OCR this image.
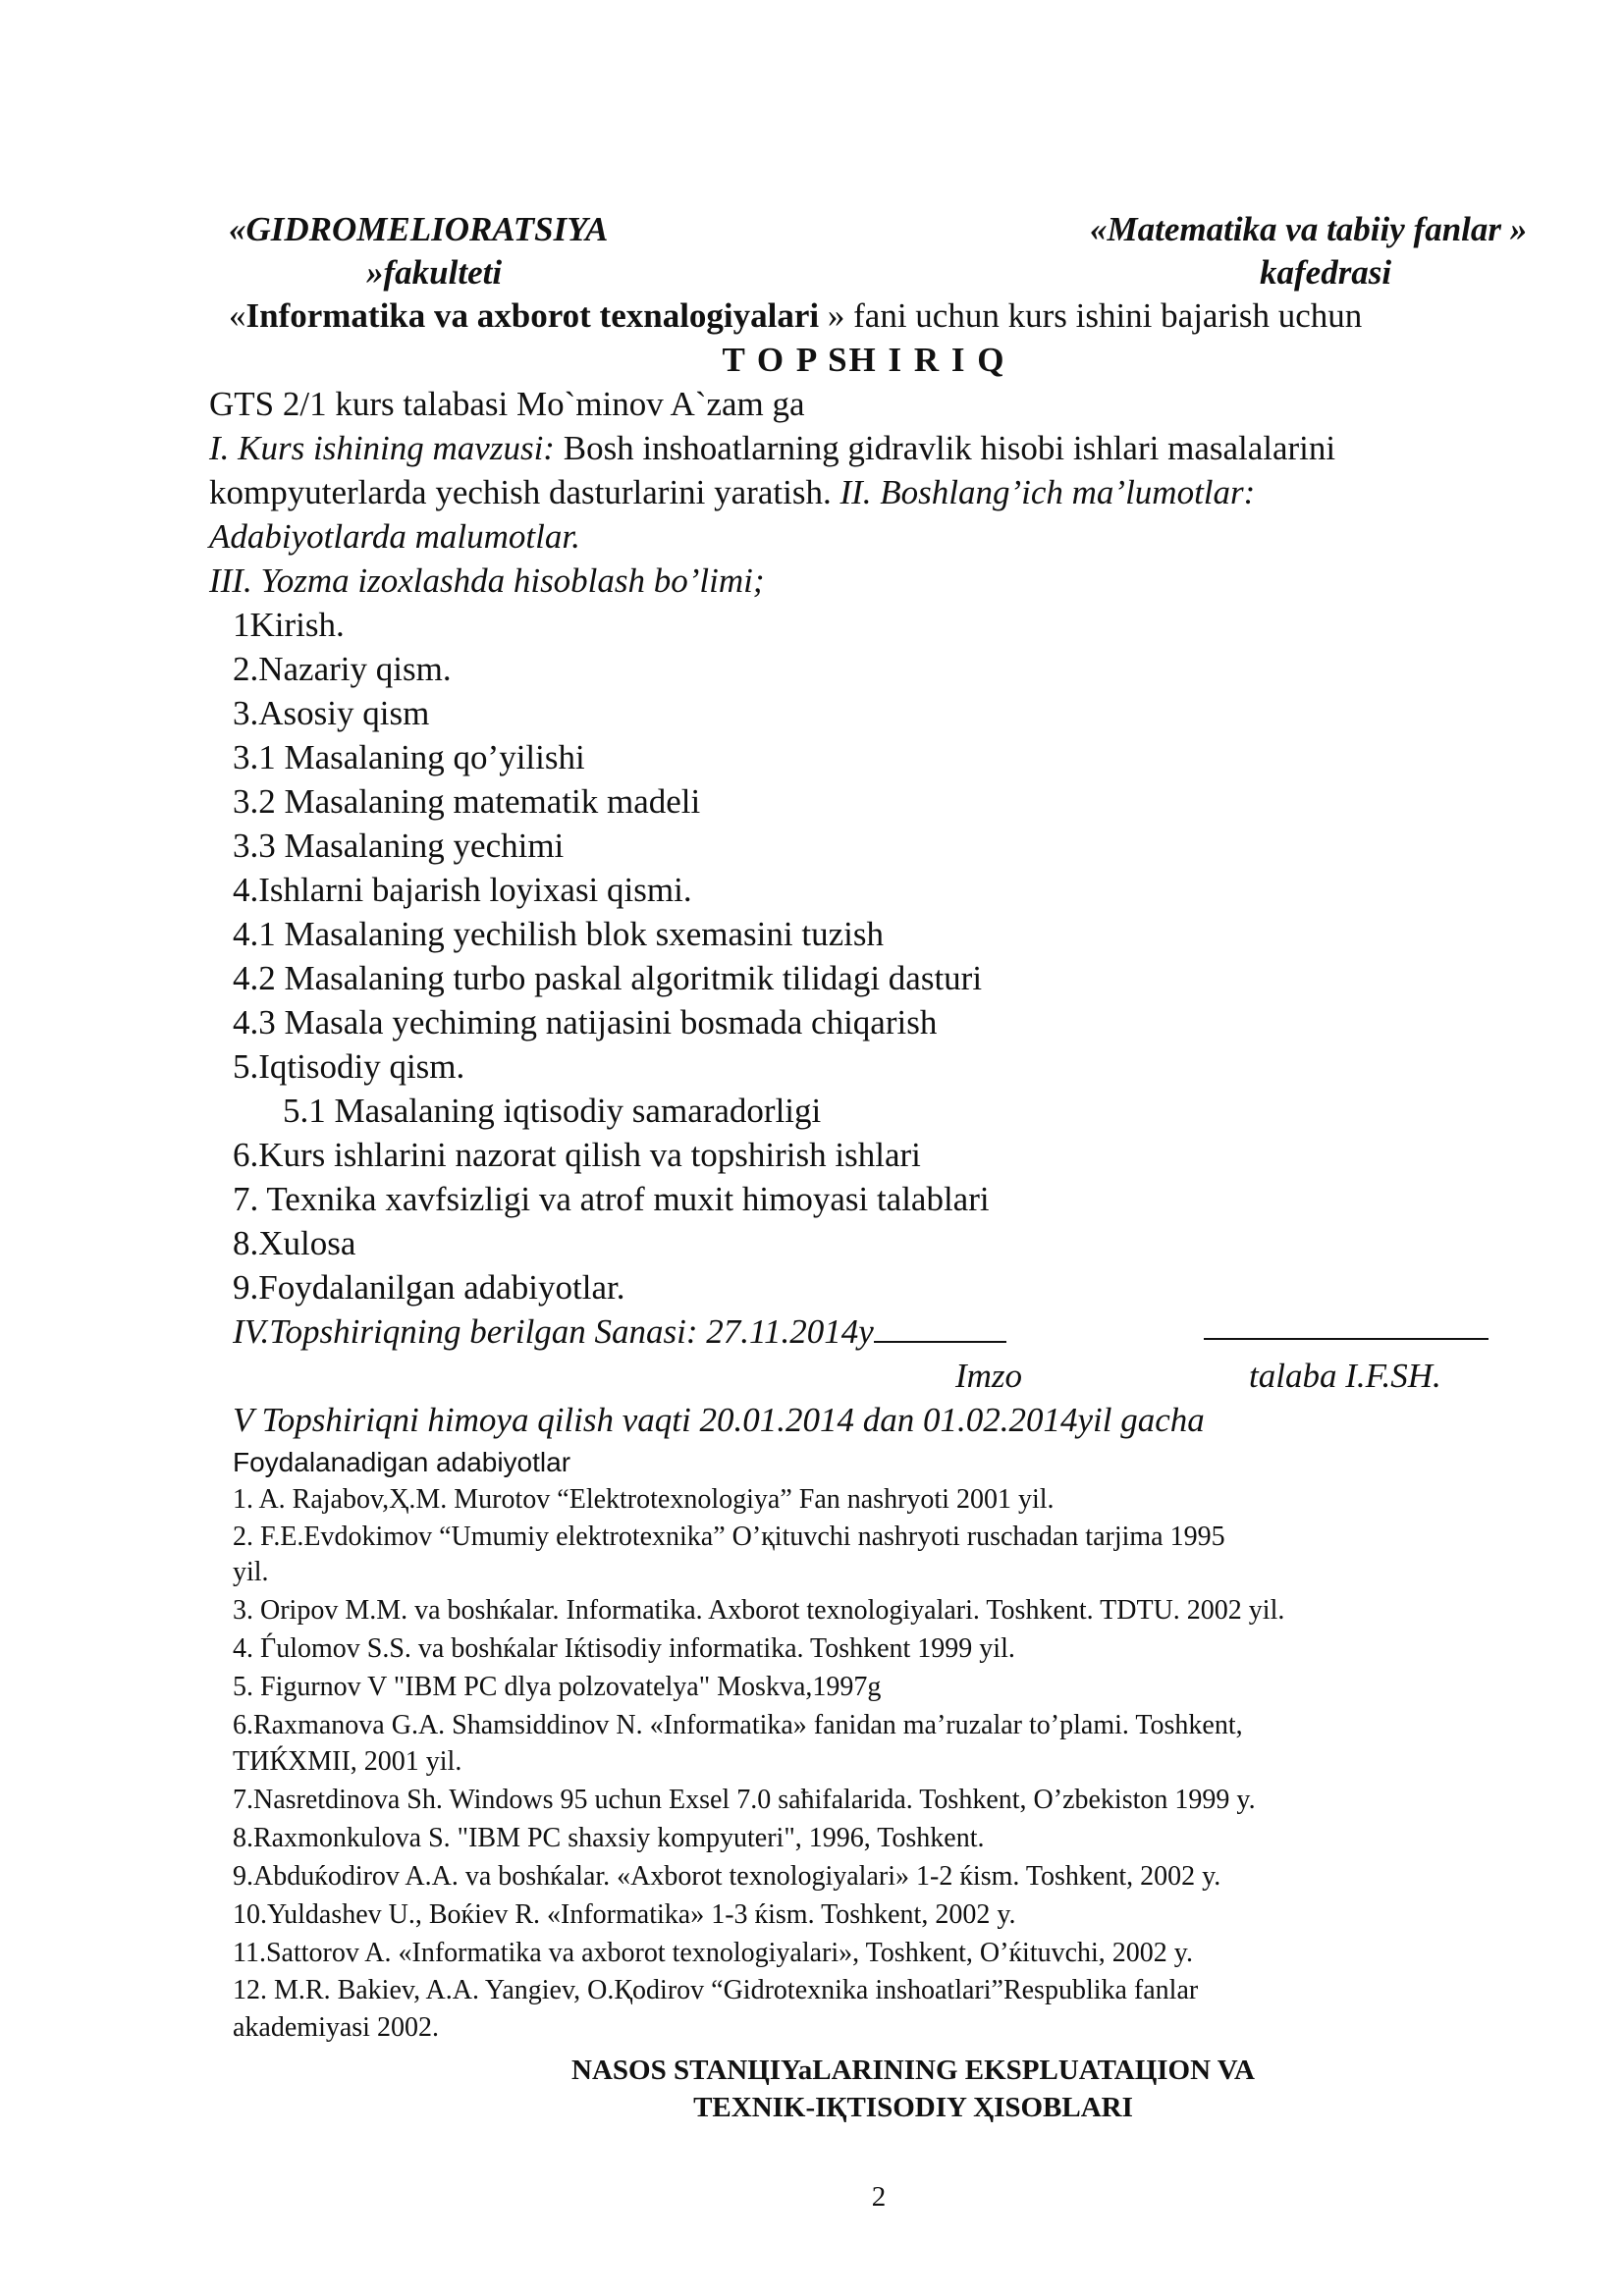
«GIDROMELIORATSIYA
»fakulteti
«Matematika va tabiiy fanlar »
kafedrasi
«Informatika va axborot texnalogiyalari » fani uchun kurs ishini bajarish uchun
T O P SH I R I Q
GTS 2/1 kurs talabasi Mo`minov A`zam ga
I. Kurs ishining mavzusi: Bosh inshoatlarning gidravlik hisobi ishlari masalalarini
kompyuterlarda yechish dasturlarini yaratish. II. Boshlang’ich ma’lumotlar:
Adabiyotlarda malumotlar.
III. Yozma izoxlashda hisoblash bo’limi;
1Kirish.
2.Nazariy qism.
3.Asosiy qism
3.1 Masalaning qo’yilishi
3.2 Masalaning matematik madeli
3.3 Masalaning yechimi
4.Ishlarni bajarish loyixasi qismi.
4.1 Masalaning yechilish blok sxemasini tuzish
4.2 Masalaning turbo paskal algoritmik tilidagi dasturi
4.3 Masala yechiming natijasini bosmada chiqarish
5.Iqtisodiy qism.
5.1 Masalaning iqtisodiy samaradorligi
6.Kurs ishlarini nazorat qilish va topshirish ishlari
7. Texnika xavfsizligi va atrof muxit himoyasi talablari
8.Xulosa
9.Foydalanilgan adabiyotlar.
IV.Topshiriqning berilgan Sanasi: 27.11.2014y
Imzo	talaba I.F.SH.
V Topshiriqni himoya qilish vaqti 20.01.2014 dan 01.02.2014yil gacha
Foydalanadigan adabiyotlar
1. A. Rajabov,Ҳ.M. Murotov “Elektrotexnologiya” Fan nashryoti 2001 yil.
2. F.E.Evdokimov “Umumiy elektrotexnika” O’қituvchi nashryoti ruschadan tarjima 1995
yil.
3. Oripov M.M. va boshќalar. Informatika. Axborot texnologiyalari. Toshkent. TDTU. 2002 yil.
4. Ѓulomov S.S. va boshќalar Iќtisodiy informatika. Toshkent 1999 yil.
5. Figurnov V "IBM PC dlya polzovatelya" Moskva,1997g
6.Raxmanova G.A. Shamsiddinov N. «Informatika» fanidan ma’ruzalar to’plami. Toshkent,
TИЌXMII, 2001 yil.
7.Nasretdinova Sh. Windows 95 uchun Exsel 7.0 saћifalarida. Toshkent, O’zbekiston 1999 y.
8.Raxmonkulova S. "IBM PC shaxsiy kompyuteri", 1996, Toshkent.
9.Abduќodirov A.A. va boshќalar. «Axborot texnologiyalari» 1-2 ќism. Toshkent, 2002 y.
10.Yuldashev U., Boќiev R. «Informatika» 1-3 ќism. Toshkent, 2002 y.
11.Sattorov A. «Informatika va axborot texnologiyalari», Toshkent, O’ќituvchi, 2002 y.
12. M.R. Bakiev, A.A. Yangiev, O.Қodirov “Gidrotexnika inshoatlari”Respublika fanlar
akademiyasi 2002.
NASOS STANЦIYaLARINING EKSPLUATAЦION VA
TEXNIK-IҚTISODIY ҲISOBLARI
2
